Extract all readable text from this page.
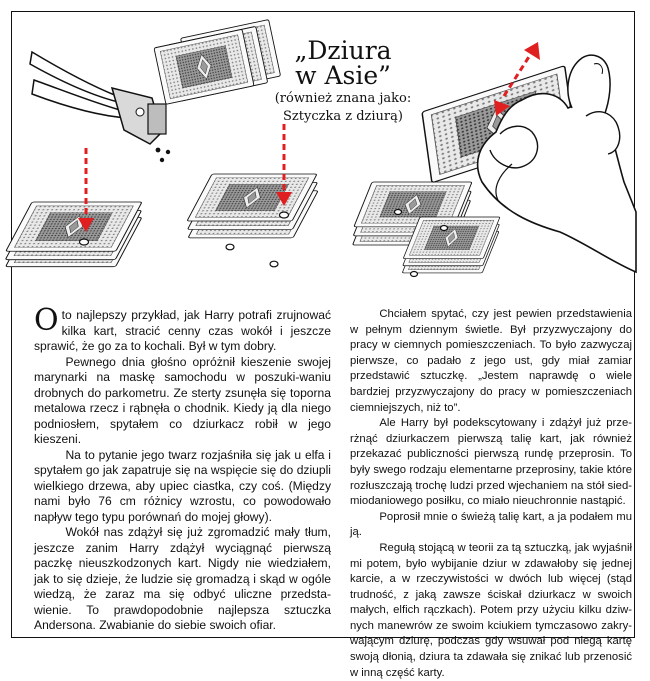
„Dziura
w Asie”
(również znana jako:
Sztyczka z dziurą)

Oto najlepszy przykład, jak Harry potrafi zrujnować kilka kart, stracić cenny czas wokół i jeszcze sprawić, że go za to kochali. Był w tym dobry.

Pewnego dnia głośno opróżnił kieszenie swojej marynarki na maskę samochodu w poszuki-waniu drobnych do parkometru. Ze sterty zsunęła się toporna metalowa rzecz i rąbnęła o chodnik. Kiedy ją dla niego podniosłem, spytałem co dziurkacz robił w jego kieszeni.

Na to pytanie jego twarz rozjaśniła się jak u elfa i spytałem go jak zapatruje się na wspięcie się do dziupli wielkiego drzewa, aby upiec ciastka, czy coś. (Między nami było 76 cm różnicy wzrostu, co powodowało napływ tego typu porównań do mojej głowy).

Wokół nas zdążył się już zgromadzić mały tłum, jeszcze zanim Harry zdążył wyciągnąć pierwszą paczkę nieuszkodzonych kart. Nigdy nie wiedziałem, jak to się dzieje, że ludzie się gromadzą i skąd w ogóle wiedzą, że zaraz ma się odbyć uliczne przedsta-wienie. To prawdopodobnie najlepsza sztuczka Andersona. Zwabianie do siebie swoich ofiar.

Chciałem spytać, czy jest pewien przedstawienia w pełnym dziennym świetle. Był przyzwyczajony do pracy w ciemnych pomieszczeniach. To było zazwyczaj pierwsze, co padało z jego ust, gdy miał zamiar przedstawić sztuczkę. „Jestem naprawdę o wiele bardziej przyzwyczajony do pracy w pomieszczeniach ciemniejszych, niż to”.

Ale Harry był podekscytowany i zdążył już prze-rżnąć dziurkaczem pierwszą talię kart, jak również przekazać publiczności pierwszą rundę przeprosin. To były swego rodzaju elementarne przeprosiny, takie które rozłuszczają trochę ludzi przed wjechaniem na stół sied-miodaniowego posiłku, co miało nieuchronnie nastąpić.

Poprosił mnie o świeżą talię kart, a ja podałem mu ją.

Regułą stojącą w teorii za tą sztuczką, jak wyjaśnił mi potem, było wybijanie dziur w zdawałoby się jednej karcie, a w rzeczywistości w dwóch lub więcej (stąd trudność, z jaką zawsze ściskał dziurkacz w swoich małych, elfich rączkach). Potem przy użyciu kilku dziw-nych manewrów ze swoim kciukiem tymczasowo zakry-wającym dziurę, podczas gdy wsuwał pod niegą kartę swoją dłonią, dziura ta zdawała się znikać lub przenosić w inną część karty.
